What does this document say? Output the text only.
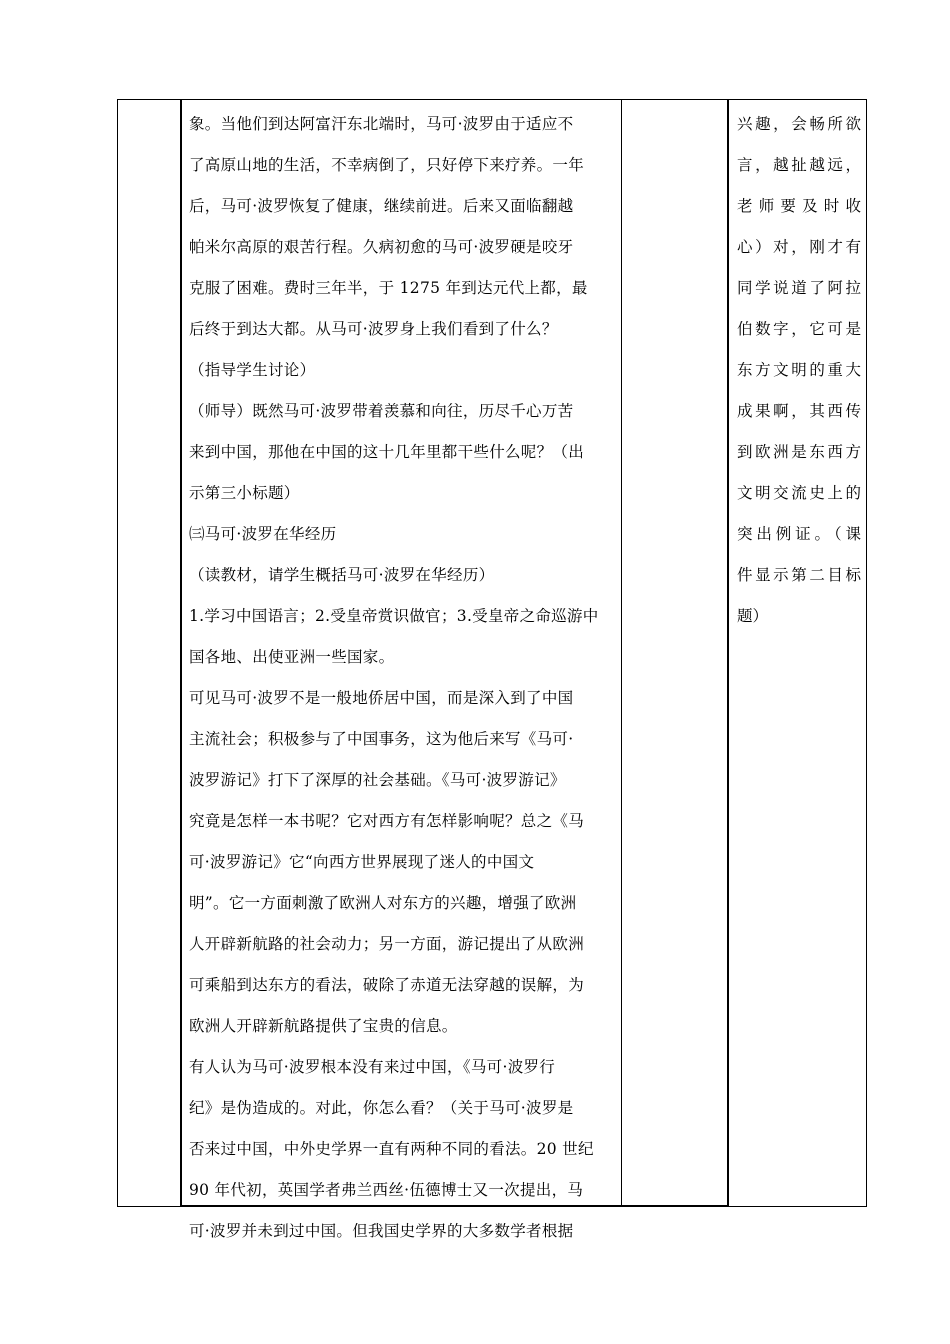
象。当他们到达阿富汗东北端时，马可·波罗由于适应不
了高原山地的生活，不幸病倒了，只好停下来疗养。一年
后，马可·波罗恢复了健康，继续前进。后来又面临翻越
帕米尔高原的艰苦行程。久病初愈的马可·波罗硬是咬牙
克服了困难。费时三年半，于 1275 年到达元代上都，最
后终于到达大都。从马可·波罗身上我们看到了什么？

（指导学生讨论）

（师导）既然马可·波罗带着羡慕和向往，历尽千心万苦
来到中国，那他在中国的这十几年里都干些什么呢？（出
示第三小标题）

㈢马可·波罗在华经历

（读教材，请学生概括马可·波罗在华经历）

1.学习中国语言；2.受皇帝赏识做官；3.受皇帝之命巡游中
国各地、出使亚洲一些国家。

可见马可·波罗不是一般地侨居中国，而是深入到了中国
主流社会；积极参与了中国事务，这为他后来写《马可·
波罗游记》打下了深厚的社会基础。《马可·波罗游记》
究竟是怎样一本书呢？它对西方有怎样影响呢？总之《马
可·波罗游记》它“向西方世界展现了迷人的中国文
明”。它一方面刺激了欧洲人对东方的兴趣，增强了欧洲
人开辟新航路的社会动力；另一方面，游记提出了从欧洲
可乘船到达东方的看法，破除了赤道无法穿越的误解，为
欧洲人开辟新航路提供了宝贵的信息。

有人认为马可·波罗根本没有来过中国，《马可·波罗行
纪》是伪造成的。对此，你怎么看？（关于马可·波罗是
否来过中国，中外史学界一直有两种不同的看法。20 世纪
90 年代初，英国学者弗兰西丝·伍德博士又一次提出，马
可·波罗并未到过中国。但我国史学界的大多数学者根据

兴趣，会畅所欲

言，越扯越远，

老师要及时收

心）对，刚才有

同学说道了阿拉

伯数字，它可是

东方文明的重大

成果啊，其西传

到欧洲是东西方

文明交流史上的

突出例证。（课

件显示第二目标

题）
